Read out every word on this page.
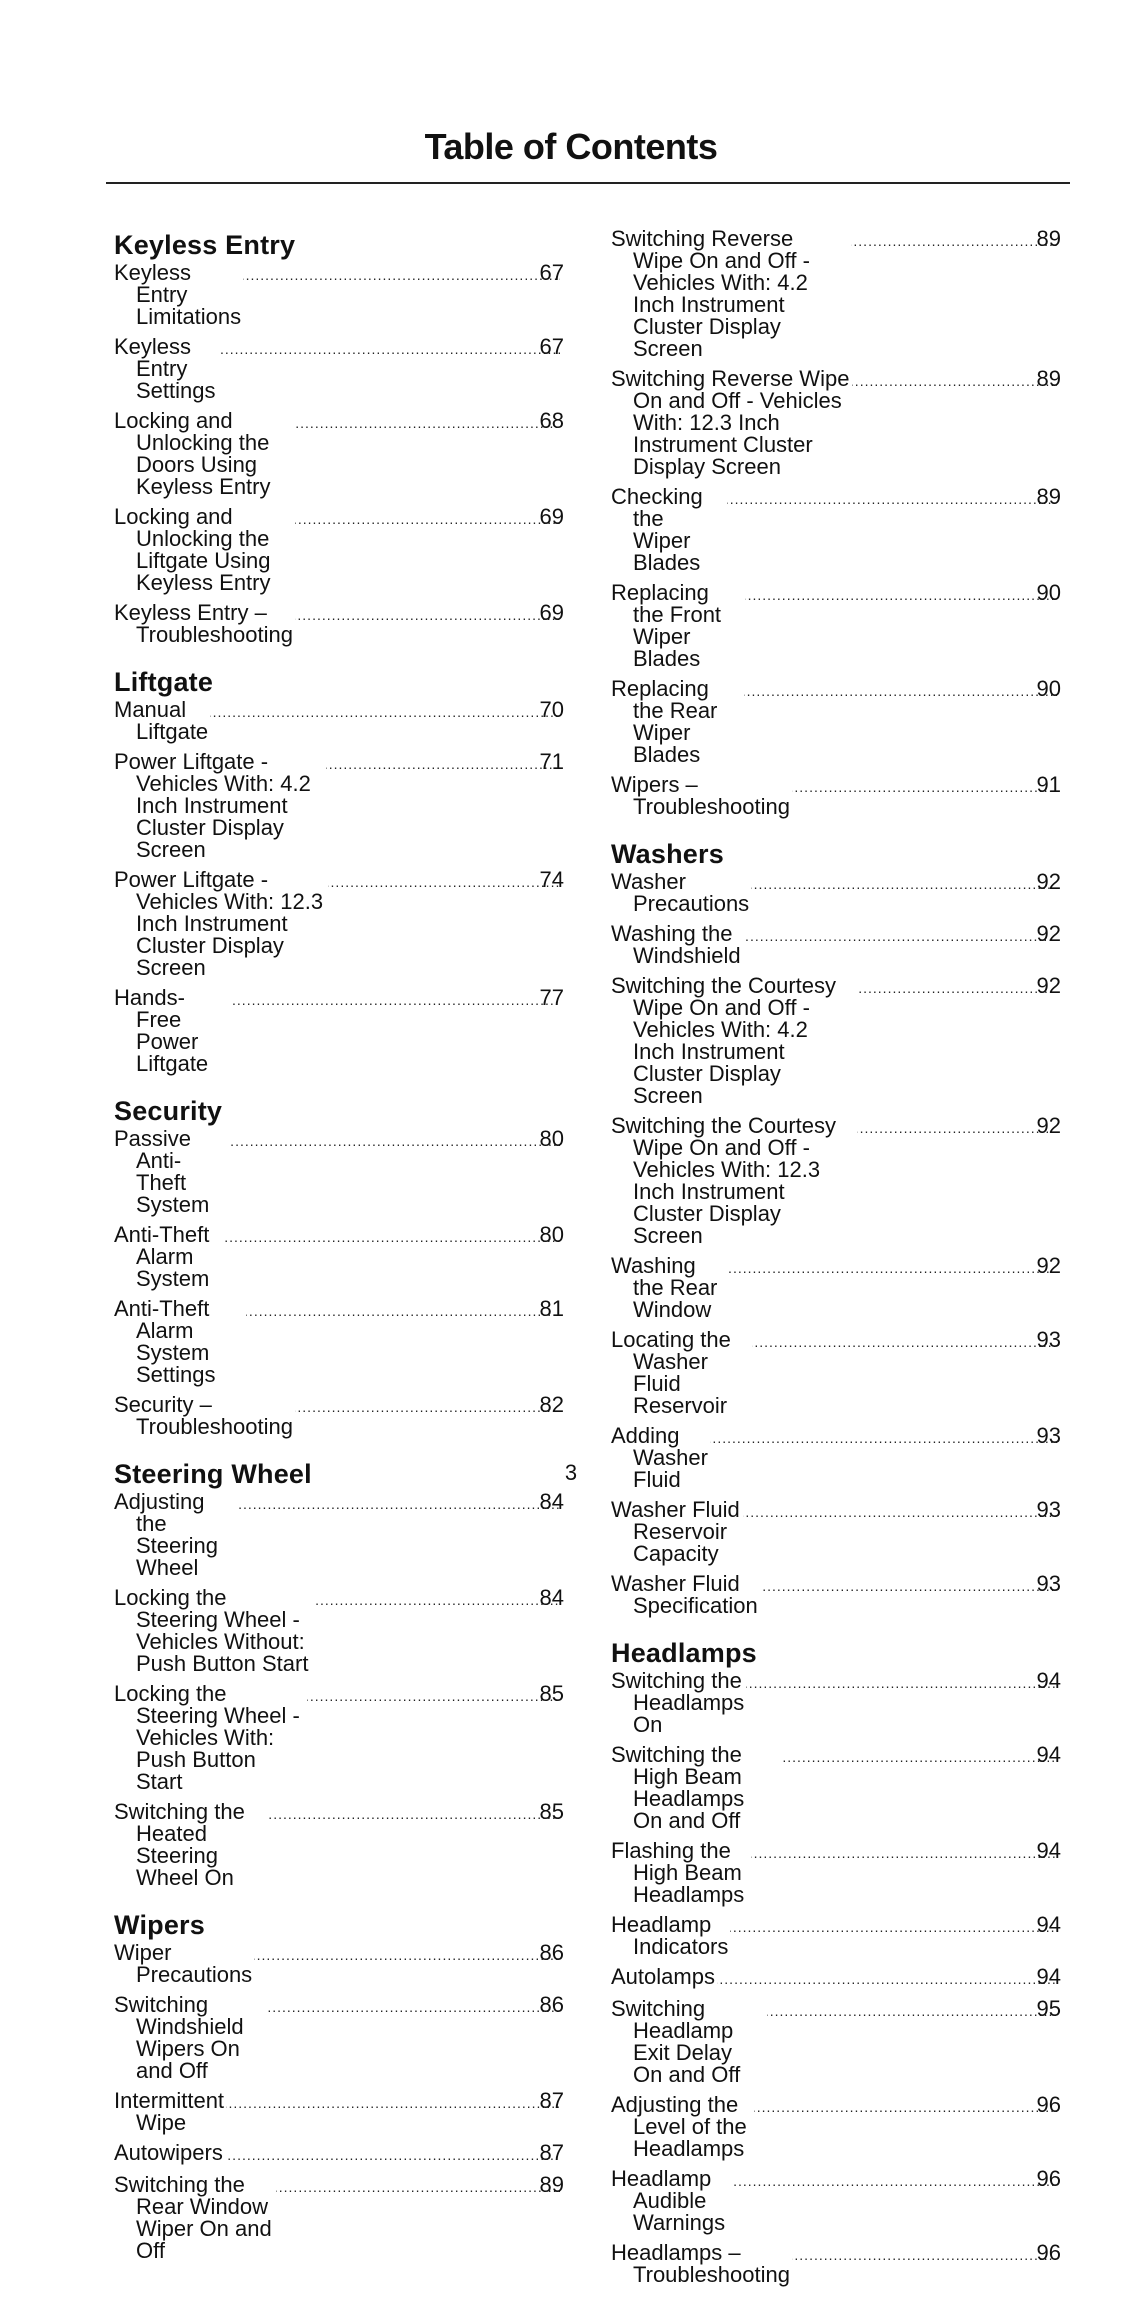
Table of Contents
Keyless Entry
Keyless Entry Limitations
.....
67
Keyless Entry Settings
.....
67
Locking and Unlocking the Doors Using Keyless Entry
.....
68
Locking and Unlocking the Liftgate Using Keyless Entry
.....
69
Keyless Entry – Troubleshooting
.....
69
Liftgate
Manual Liftgate
.....
70
Power Liftgate - Vehicles With: 4.2 Inch Instrument Cluster Display Screen
.....
71
Power Liftgate - Vehicles With: 12.3 Inch Instrument Cluster Display Screen
.....
74
Hands-Free Power Liftgate
.....
77
Security
Passive Anti-Theft System
.....
80
Anti-Theft Alarm System
.....
80
Anti-Theft Alarm System Settings
.....
81
Security – Troubleshooting
.....
82
Steering Wheel
Adjusting the Steering Wheel
.....
84
Locking the Steering Wheel - Vehicles Without: Push Button Start
.....
84
Locking the Steering Wheel - Vehicles With: Push Button Start
.....
85
Switching the Heated Steering Wheel On
.....
85
Wipers
Wiper Precautions
.....
86
Switching Windshield Wipers On and Off
.....
86
Intermittent Wipe
.....
87
Autowipers .....	87
Switching the Rear Window Wiper On and Off
.....
89
Switching Reverse Wipe On and Off - Vehicles With: 4.2 Inch Instrument Cluster Display Screen
.....
89
Switching Reverse Wipe On and Off - Vehicles With: 12.3 Inch Instrument Cluster Display Screen
.....
89
Checking the Wiper Blades
.....
89
Replacing the Front Wiper Blades
.....
90
Replacing the Rear Wiper Blades
.....
90
Wipers – Troubleshooting
.....
91
Washers
Washer Precautions
.....
92
Washing the Windshield
.....
92
Switching the Courtesy Wipe On and Off - Vehicles With: 4.2 Inch Instrument Cluster Display Screen
.....
92
Switching the Courtesy Wipe On and Off - Vehicles With: 12.3 Inch Instrument Cluster Display Screen
.....
92
Washing the Rear Window
.....
92
Locating the Washer Fluid Reservoir
.....
93
Adding Washer Fluid
.....
93
Washer Fluid Reservoir Capacity
.....
93
Washer Fluid Specification
.....
93
Headlamps
Switching the Headlamps On
.....
94
Switching the High Beam Headlamps On and Off
.....
94
Flashing the High Beam Headlamps
.....
94
Headlamp Indicators
.....
94
Autolamps .....	94
Switching Headlamp Exit Delay On and Off
.....
95
Adjusting the Level of the Headlamps
.....
96
Headlamp Audible Warnings
.....
96
Headlamps – Troubleshooting
.....
96
3
